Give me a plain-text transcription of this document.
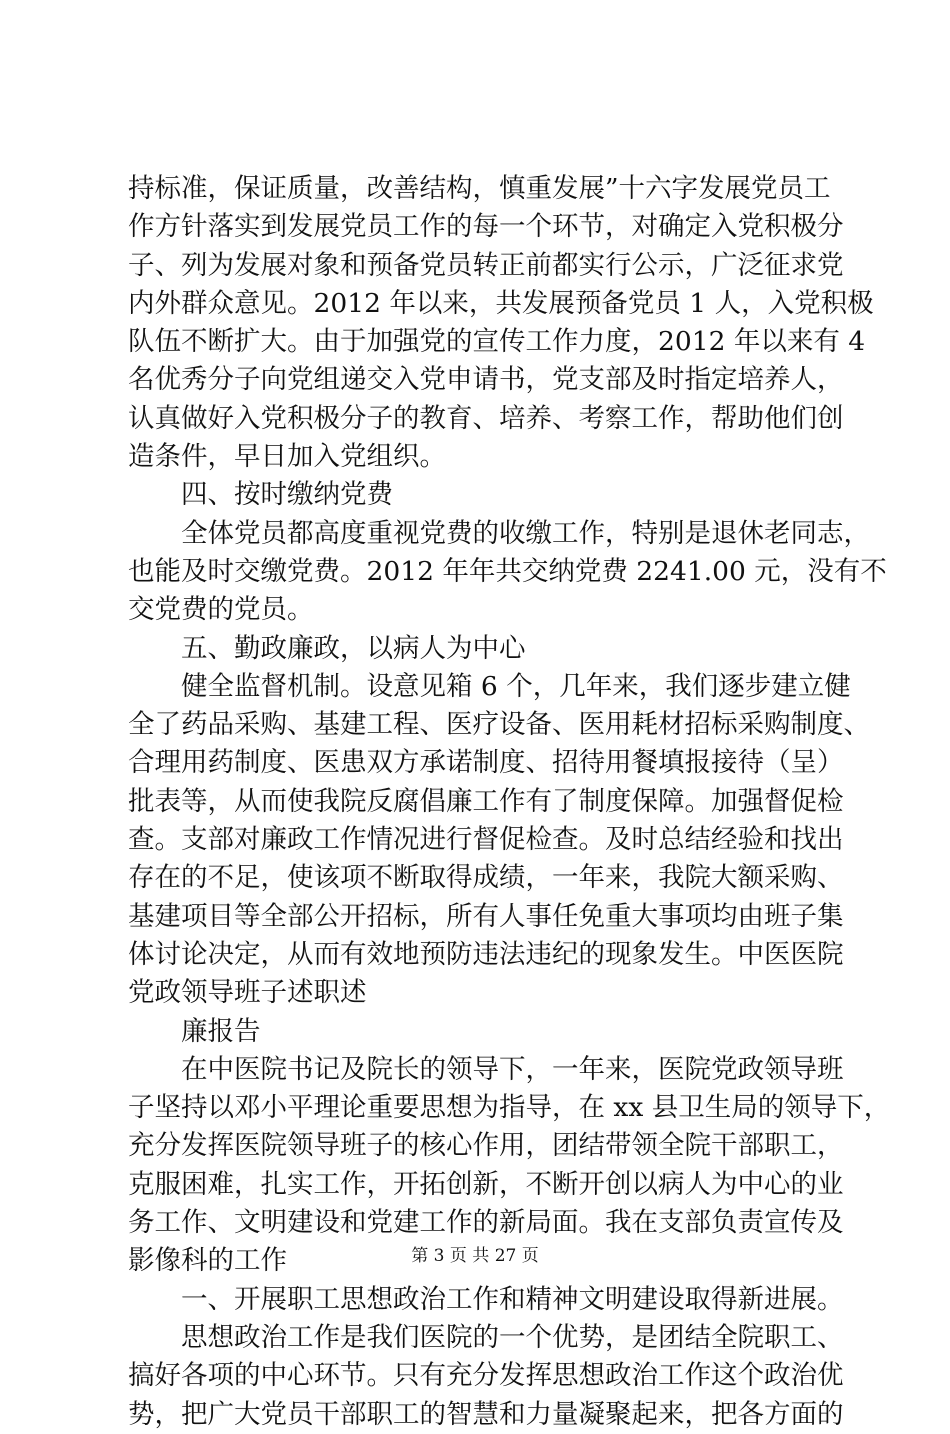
持标准，保证质量，改善结构，慎重发展”十六字发展党员工
作方针落实到发展党员工作的每一个环节，对确定入党积极分
子、列为发展对象和预备党员转正前都实行公示，广泛征求党
内外群众意见。2012 年以来，共发展预备党员 1 人，入党积极
队伍不断扩大。由于加强党的宣传工作力度，2012 年以来有 4
名优秀分子向党组递交入党申请书，党支部及时指定培养人，
认真做好入党积极分子的教育、培养、考察工作，帮助他们创
造条件，早日加入党组织。
四、按时缴纳党费
全体党员都高度重视党费的收缴工作，特别是退休老同志，
也能及时交缴党费。2012 年年共交纳党费 2241.00 元，没有不
交党费的党员。
五、勤政廉政，以病人为中心
健全监督机制。设意见箱 6 个，几年来，我们逐步建立健
全了药品采购、基建工程、医疗设备、医用耗材招标采购制度、
合理用药制度、医患双方承诺制度、招待用餐填报接待（呈）
批表等，从而使我院反腐倡廉工作有了制度保障。加强督促检
查。支部对廉政工作情况进行督促检查。及时总结经验和找出
存在的不足，使该项不断取得成绩，一年来，我院大额采购、
基建项目等全部公开招标，所有人事任免重大事项均由班子集
体讨论决定，从而有效地预防违法违纪的现象发生。中医医院
党政领导班子述职述
廉报告
在中医院书记及院长的领导下，一年来，医院党政领导班
子坚持以邓小平理论重要思想为指导，在 xx 县卫生局的领导下，
充分发挥医院领导班子的核心作用，团结带领全院干部职工，
克服困难，扎实工作，开拓创新，不断开创以病人为中心的业
务工作、文明建设和党建工作的新局面。我在支部负责宣传及
影像科的工作
一、开展职工思想政治工作和精神文明建设取得新进展。
思想政治工作是我们医院的一个优势，是团结全院职工、
搞好各项的中心环节。只有充分发挥思想政治工作这个政治优
势，把广大党员干部职工的智慧和力量凝聚起来，把各方面的
第 3 页 共 27 页
